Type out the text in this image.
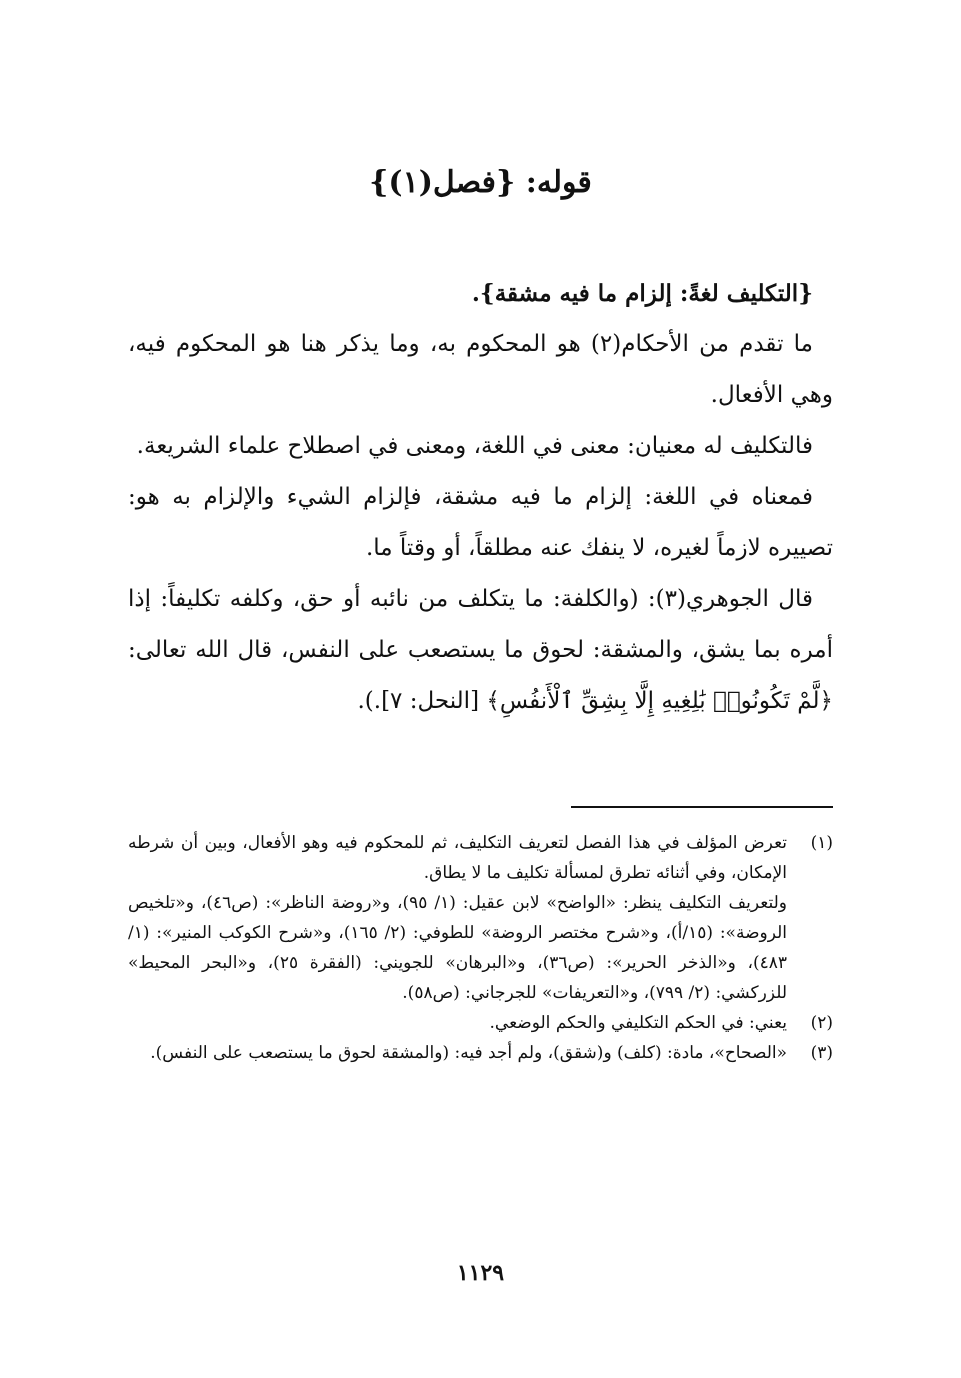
قوله: {فصل(١)}

{التكليف لغةً: إلزام ما فيه مشقة}.

ما تقدم من الأحكام(٢) هو المحكوم به، وما يذكر هنا هو المحكوم فيه، وهي الأفعال.

فالتكليف له معنيان: معنى في اللغة، ومعنى في اصطلاح علماء الشريعة.

فمعناه في اللغة: إلزام ما فيه مشقة، فإلزام الشيء والإلزام به هو: تصييره لازماً لغيره، لا ينفك عنه مطلقاً، أو وقتاً ما.

قال الجوهري(٣): (والكلفة: ما يتكلف من نائبه أو حق، وكلفه تكليفاً: إذا أمره بما يشق، والمشقة: لحوق ما يستصعب على النفس، قال الله تعالى: ﴿لَّمْ تَكُونُوا۟ بَٰلِغِيهِ إِلَّا بِشِقِّ ٱلْأَنفُسِ﴾ [النحل: ٧].).

(١)

تعرض المؤلف في هذا الفصل لتعريف التكليف، ثم للمحكوم فيه وهو الأفعال، وبين أن شرطه الإمكان، وفي أثنائه تطرق لمسألة تكليف ما لا يطاق.

ولتعريف التكليف ينظر: «الواضح» لابن عقيل: (١/ ٩٥)، و«روضة الناظر»: (ص٤٦)، و«تلخيص الروضة»: (١٥/أ)، و«شرح مختصر الروضة» للطوفي: (٢/ ١٦٥)، و«شرح الكوكب المنير»: (١/ ٤٨٣)، و«الذخر الحرير»: (ص٣٦)، و«البرهان» للجويني: (الفقرة ٢٥)، و«البحر المحيط» للزركشي: (٢/ ٧٩٩)، و«التعريفات» للجرجاني: (ص٥٨).

(٢)

يعني: في الحكم التكليفي والحكم الوضعي.

(٣)

«الصحاح»، مادة: (كلف) و(شقق)، ولم أجد فيه: (والمشقة لحوق ما يستصعب على النفس).

١١٢٩
